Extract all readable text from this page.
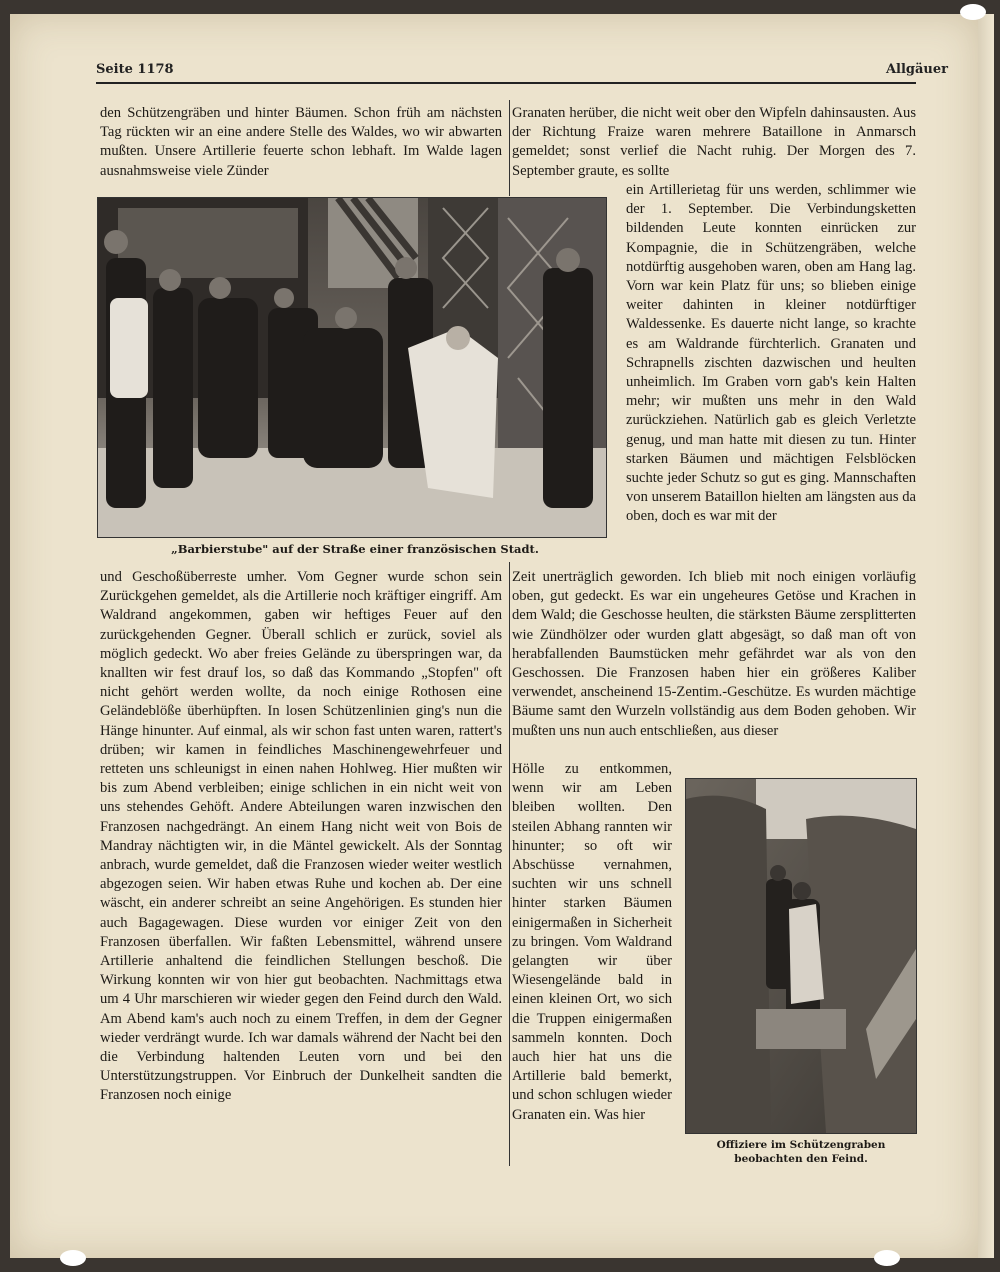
Seite 1178	Allgäuer

den Schützengräben und hinter Bäumen. Schon früh am nächsten Tag rückten wir an eine andere Stelle des Waldes, wo wir abwarten mußten. Unsere Artillerie feuerte schon lebhaft. Im Walde lagen ausnahmsweise viele Zünder

Granaten herüber, die nicht weit ober den Wipfeln dahinsausten. Aus der Richtung Fraize waren mehrere Bataillone in Anmarsch gemeldet; sonst verlief die Nacht ruhig. Der Morgen des 7. September graute, es sollte

„Barbierstube" auf der Straße einer französischen Stadt.

ein Artillerietag für uns werden, schlimmer wie der 1. September. Die Verbindungsketten bildenden Leute konnten einrücken zur Kompagnie, die in Schützengräben, welche notdürftig ausgehoben waren, oben am Hang lag. Vorn war kein Platz für uns; so blieben einige weiter dahinten in kleiner notdürftiger Waldessenke. Es dauerte nicht lange, so krachte es am Waldrande fürchterlich. Granaten und Schrapnells zischten dazwischen und heulten unheimlich. Im Graben vorn gab's kein Halten mehr; wir mußten uns mehr in den Wald zurückziehen. Natürlich gab es gleich Verletzte genug, und man hatte mit diesen zu tun. Hinter starken Bäumen und mächtigen Felsblöcken suchte jeder Schutz so gut es ging. Mannschaften von unserem Bataillon hielten am längsten aus da oben, doch es war mit der

und Geschoßüberreste umher. Vom Gegner wurde schon sein Zurückgehen gemeldet, als die Artillerie noch kräftiger eingriff. Am Waldrand angekommen, gaben wir heftiges Feuer auf den zurückgehenden Gegner. Überall schlich er zurück, soviel als möglich gedeckt. Wo aber freies Gelände zu überspringen war, da knallten wir fest drauf los, so daß das Kommando „Stopfen" oft nicht gehört werden wollte, da noch einige Rothosen eine Geländeblöße überhüpften. In losen Schützenlinien ging's nun die Hänge hinunter. Auf einmal, als wir schon fast unten waren, rattert's drüben; wir kamen in feindliches Maschinengewehrfeuer und retteten uns schleunigst in einen nahen Hohlweg. Hier mußten wir bis zum Abend verbleiben; einige schlichen in ein nicht weit von uns stehendes Gehöft. Andere Abteilungen waren inzwischen den Franzosen nachgedrängt. An einem Hang nicht weit von Bois de Mandray nächtigten wir, in die Mäntel gewickelt. Als der Sonntag anbrach, wurde gemeldet, daß die Franzosen wieder weiter westlich abgezogen seien. Wir haben etwas Ruhe und kochen ab. Der eine wäscht, ein anderer schreibt an seine Angehörigen. Es stunden hier auch Bagagewagen. Diese wurden vor einiger Zeit von den Franzosen überfallen. Wir faßten Lebensmittel, während unsere Artillerie anhaltend die feindlichen Stellungen beschoß. Die Wirkung konnten wir von hier gut beobachten. Nachmittags etwa um 4 Uhr marschieren wir wieder gegen den Feind durch den Wald. Am Abend kam's auch noch zu einem Treffen, in dem der Gegner wieder verdrängt wurde. Ich war damals während der Nacht bei den die Verbindung haltenden Leuten vorn und bei den Unterstützungstruppen. Vor Einbruch der Dunkelheit sandten die Franzosen noch einige

Zeit unerträglich geworden. Ich blieb mit noch einigen vorläufig oben, gut gedeckt. Es war ein ungeheures Getöse und Krachen in dem Wald; die Geschosse heulten, die stärksten Bäume zersplitterten wie Zündhölzer oder wurden glatt abgesägt, so daß man oft von herabfallenden Baumstücken mehr gefährdet war als von den Geschossen. Die Franzosen haben hier ein größeres Kaliber verwendet, anscheinend 15-Zentim.-Geschütze. Es wurden mächtige Bäume samt den Wurzeln vollständig aus dem Boden gehoben. Wir mußten uns nun auch entschließen, aus dieser

Hölle zu entkommen, wenn wir am Leben bleiben wollten. Den steilen Abhang rannten wir hinunter; so oft wir Abschüsse vernahmen, suchten wir uns schnell hinter starken Bäumen einigermaßen in Sicherheit zu bringen. Vom Waldrand gelangten wir über Wiesengelände bald in einen kleinen Ort, wo sich die Truppen einigermaßen sammeln konnten. Doch auch hier hat uns die Artillerie bald bemerkt, und schon schlugen wieder Granaten ein. Was hier

Offiziere im Schützengraben beobachten den Feind.
